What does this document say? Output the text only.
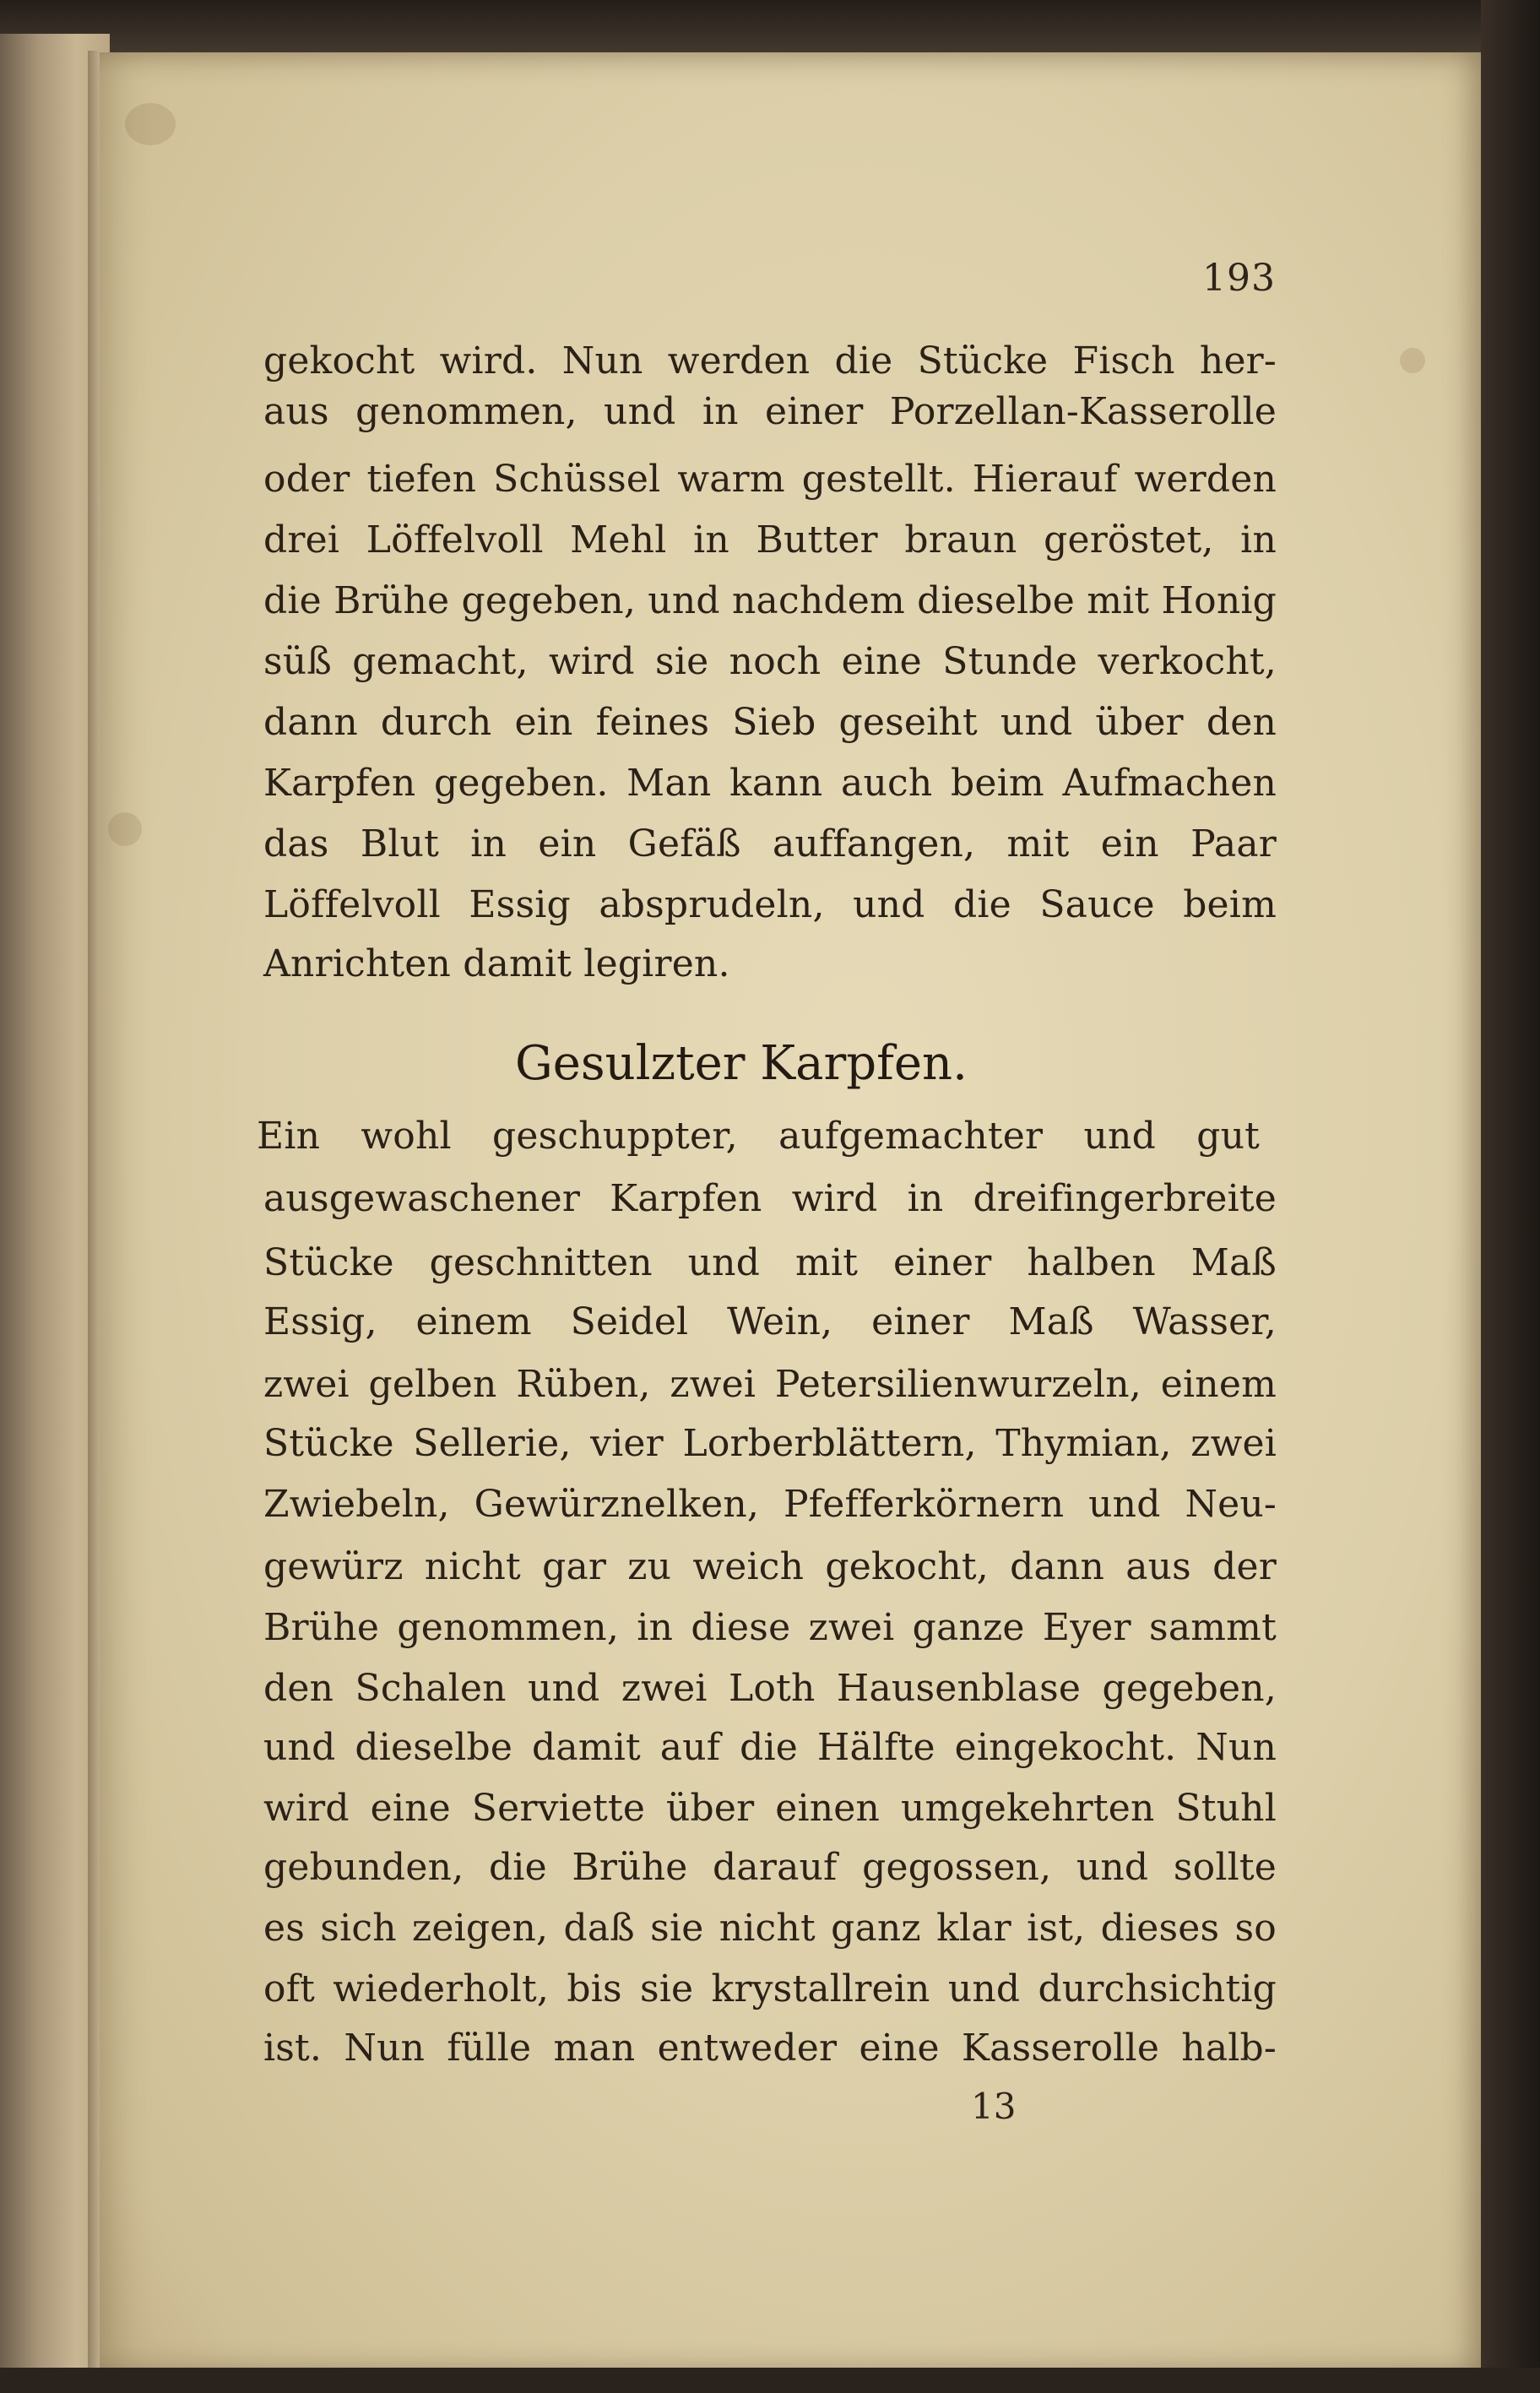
193
gekocht wird. Nun werden die Stücke Fisch her-
aus genommen, und in einer Porzellan-Kasserolle
oder tiefen Schüssel warm gestellt. Hierauf werden
drei Löffelvoll Mehl in Butter braun geröstet, in
die Brühe gegeben, und nachdem dieselbe mit Honig
süß gemacht, wird sie noch eine Stunde verkocht,
dann durch ein feines Sieb geseiht und über den
Karpfen gegeben. Man kann auch beim Aufmachen
das Blut in ein Gefäß auffangen, mit ein Paar
Löffelvoll Essig absprudeln, und die Sauce beim
Anrichten damit legiren.
Gesulzter Karpfen.
Ein wohl geschuppter, aufgemachter und gut
ausgewaschener Karpfen wird in dreifingerbreite
Stücke geschnitten und mit einer halben Maß
Essig, einem Seidel Wein, einer Maß Wasser,
zwei gelben Rüben, zwei Petersilienwurzeln, einem
Stücke Sellerie, vier Lorberblättern, Thymian, zwei
Zwiebeln, Gewürznelken, Pfefferkörnern und Neu-
gewürz nicht gar zu weich gekocht, dann aus der
Brühe genommen, in diese zwei ganze Eyer sammt
den Schalen und zwei Loth Hausenblase gegeben,
und dieselbe damit auf die Hälfte eingekocht. Nun
wird eine Serviette über einen umgekehrten Stuhl
gebunden, die Brühe darauf gegossen, und sollte
es sich zeigen, daß sie nicht ganz klar ist, dieses so
oft wiederholt, bis sie krystallrein und durchsichtig
ist. Nun fülle man entweder eine Kasserolle halb-
13
